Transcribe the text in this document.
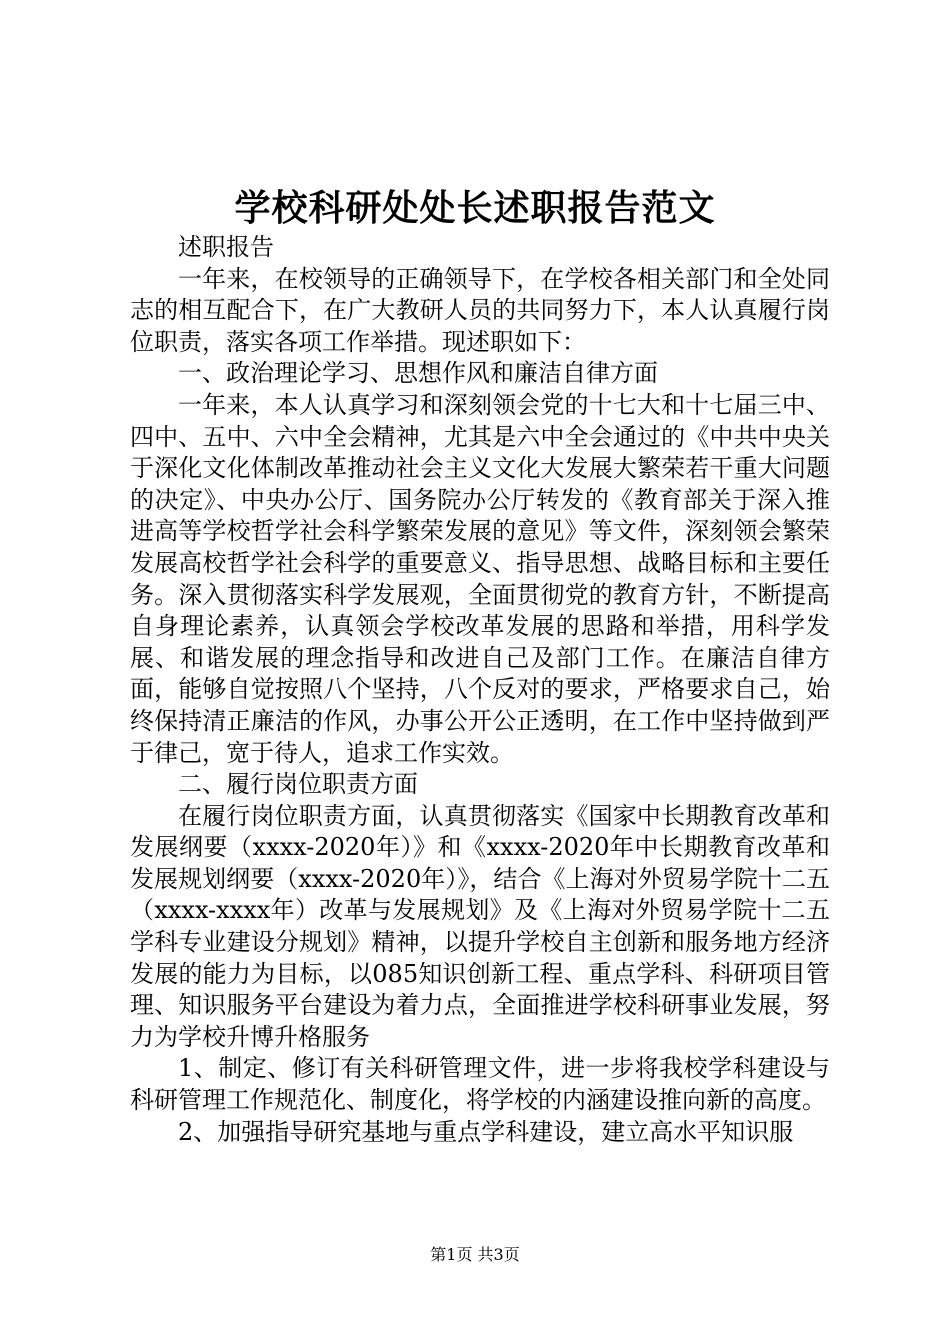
学校科研处处长述职报告范文

述职报告

一年来，在校领导的正确领导下，在学校各相关部门和全处同志的相互配合下，在广大教研人员的共同努力下，本人认真履行岗位职责，落实各项工作举措。现述职如下：

一、政治理论学习、思想作风和廉洁自律方面

一年来，本人认真学习和深刻领会党的十七大和十七届三中、四中、五中、六中全会精神，尤其是六中全会通过的《中共中央关于深化文化体制改革推动社会主义文化大发展大繁荣若干重大问题的决定》、中央办公厅、国务院办公厅转发的《教育部关于深入推进高等学校哲学社会科学繁荣发展的意见》等文件，深刻领会繁荣发展高校哲学社会科学的重要意义、指导思想、战略目标和主要任务。深入贯彻落实科学发展观，全面贯彻党的教育方针，不断提高自身理论素养，认真领会学校改革发展的思路和举措，用科学发展、和谐发展的理念指导和改进自己及部门工作。在廉洁自律方面，能够自觉按照八个坚持，八个反对的要求，严格要求自己，始终保持清正廉洁的作风，办事公开公正透明，在工作中坚持做到严于律己，宽于待人，追求工作实效。

二、履行岗位职责方面

在履行岗位职责方面，认真贯彻落实《国家中长期教育改革和发展纲要（xxxx-2020年）》和《xxxx-2020年中长期教育改革和发展规划纲要（xxxx-2020年）》，结合《上海对外贸易学院十二五（xxxx-xxxx年）改革与发展规划》及《上海对外贸易学院十二五学科专业建设分规划》精神，以提升学校自主创新和服务地方经济发展的能力为目标，以085知识创新工程、重点学科、科研项目管理、知识服务平台建设为着力点，全面推进学校科研事业发展，努力为学校升博升格服务

1、制定、修订有关科研管理文件，进一步将我校学科建设与科研管理工作规范化、制度化，将学校的内涵建设推向新的高度。

2、加强指导研究基地与重点学科建设，建立高水平知识服

第1页 共3页
